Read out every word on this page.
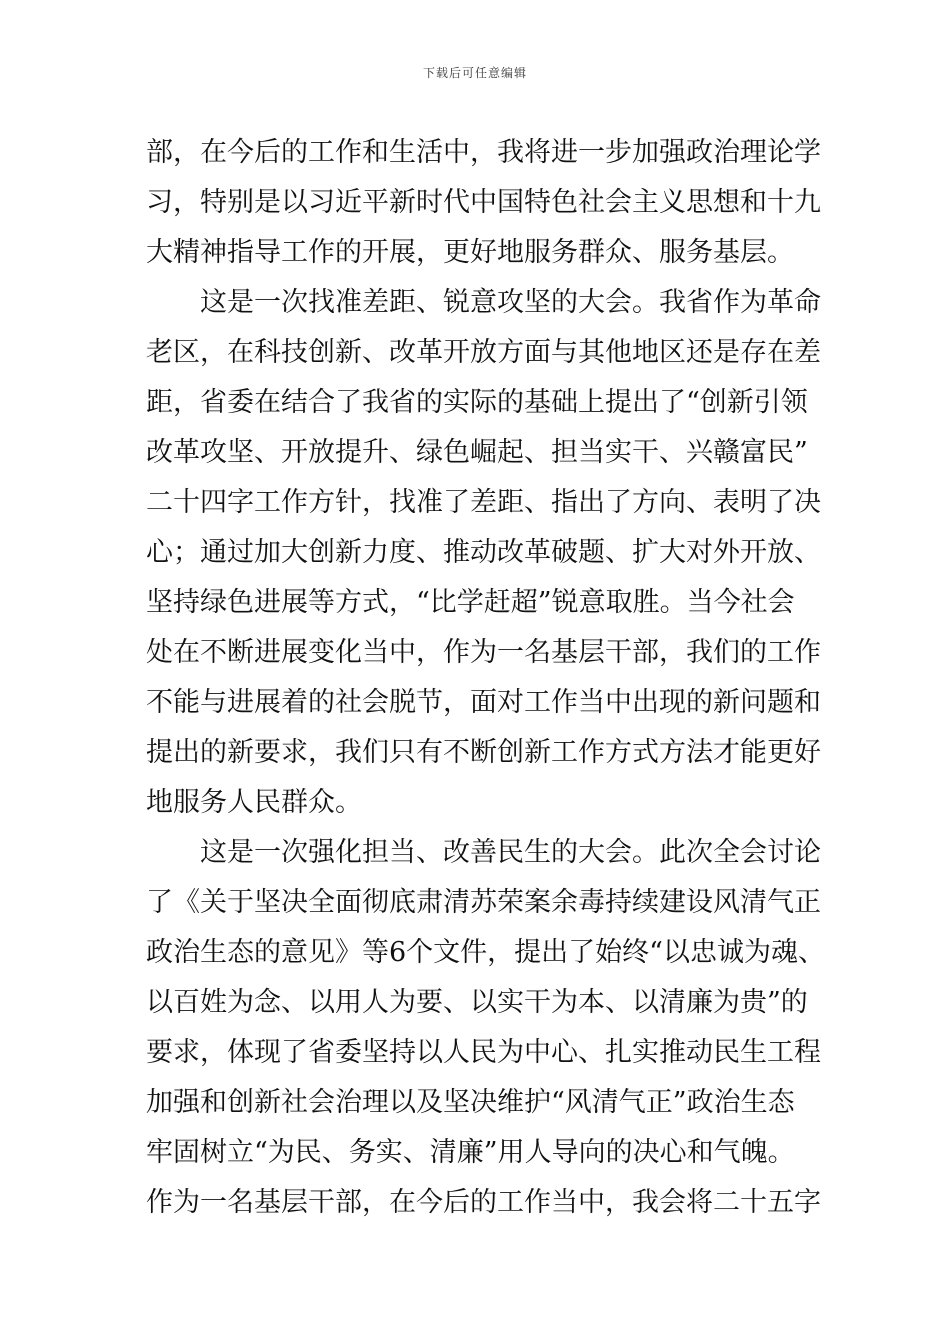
下载后可任意编辑
部，在今后的工作和生活中，我将进一步加强政治理论学
习，特别是以习近平新时代中国特色社会主义思想和十九
大精神指导工作的开展，更好地服务群众、服务基层。
这是一次找准差距、锐意攻坚的大会。我省作为革命
老区，在科技创新、改革开放方面与其他地区还是存在差
距，省委在结合了我省的实际的基础上提出了“创新引领
改革攻坚、开放提升、绿色崛起、担当实干、兴赣富民”
二十四字工作方针，找准了差距、指出了方向、表明了决
心；通过加大创新力度、推动改革破题、扩大对外开放、
坚持绿色进展等方式，“比学赶超”锐意取胜。当今社会
处在不断进展变化当中，作为一名基层干部，我们的工作
不能与进展着的社会脱节，面对工作当中出现的新问题和
提出的新要求，我们只有不断创新工作方式方法才能更好
地服务人民群众。
这是一次强化担当、改善民生的大会。此次全会讨论
了《关于坚决全面彻底肃清苏荣案余毒持续建设风清气正
政治生态的意见》等6个文件，提出了始终“以忠诚为魂、
以百姓为念、以用人为要、以实干为本、以清廉为贵”的
要求，体现了省委坚持以人民为中心、扎实推动民生工程
加强和创新社会治理以及坚决维护“风清气正”政治生态
牢固树立“为民、务实、清廉”用人导向的决心和气魄。
作为一名基层干部，在今后的工作当中，我会将二十五字
